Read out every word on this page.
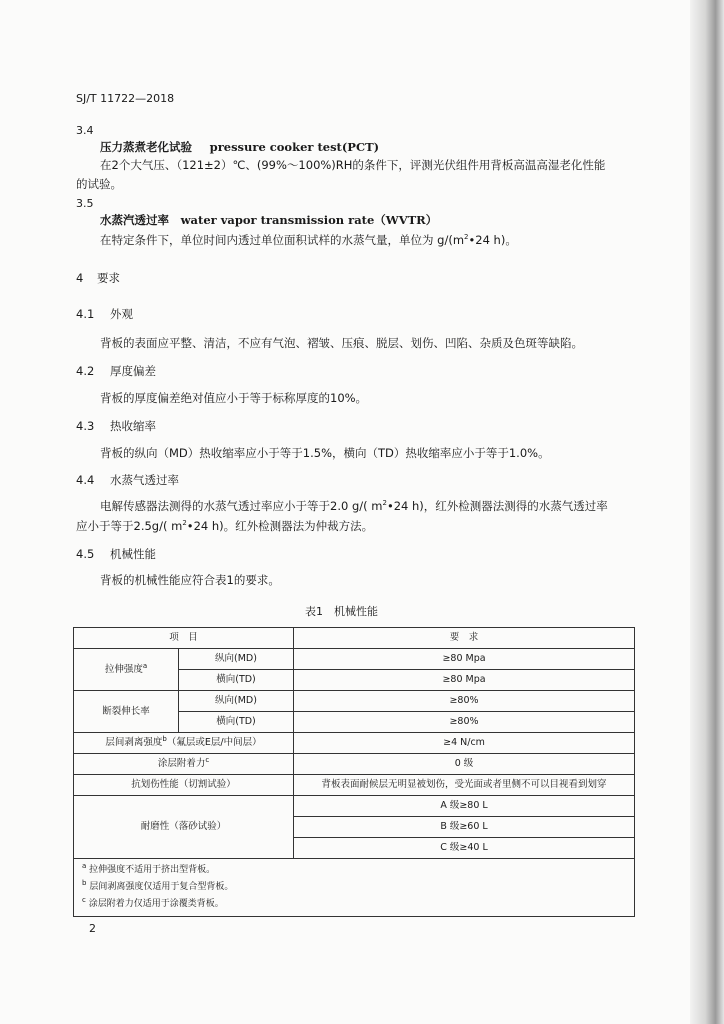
SJ/T 11722—2018
3.4
压力蒸煮老化试验 pressure cooker test(PCT)
在2个大气压、（121±2）℃、(99%～100%)RH的条件下，评测光伏组件用背板高温高湿老化性能
的试验。
3.5
水蒸汽透过率 water vapor transmission rate（WVTR）
在特定条件下，单位时间内透过单位面积试样的水蒸气量，单位为 $g/(m^2•24$ h)。
4 要求
4.1 外观
背板的表面应平整、清洁，不应有气泡、褶皱、压痕、脱层、划伤、凹陷、杂质及色斑等缺陷。
4.2 厚度偏差
背板的厚度偏差绝对值应小于等于标称厚度的10%。
4.3 热收缩率
背板的纵向（MD）热收缩率应小于等于1.5%，横向（TD）热收缩率应小于等于1.0%。
4.4 水蒸气透过率
电解传感器法测得的水蒸气透过率应小于等于2.0 g/( $m^2•24$ h)，红外检测器法测得的水蒸气透过率
应小于等于2.5g/( $m^2•24$ h)。红外检测器法为仲裁方法。
4.5 机械性能
背板的机械性能应符合表1的要求。
表1　机械性能
项　目		要　求
拉伸强度$^a$	纵向(MD)	≥80 Mpa
	横向(TD)	≥80 Mpa
断裂伸长率	纵向(MD)	≥80%
	横向(TD)	≥80%
层间剥离强度$^b$（氟层或E层/中间层）		≥4 N/cm
涂层附着力$^c$		0 级
抗划伤性能（切割试验）		背板表面耐候层无明显被划伤，受光面或者里侧不可以目视看到划穿
耐磨性（落砂试验）		A 级≥80 L
		B 级≥60 L
		C 级≥40 L

$^a$ 拉伸强度不适用于挤出型背板。
$^b$ 层间剥离强度仅适用于复合型背板。
$^c$ 涂层附着力仅适用于涂覆类背板。		
2
